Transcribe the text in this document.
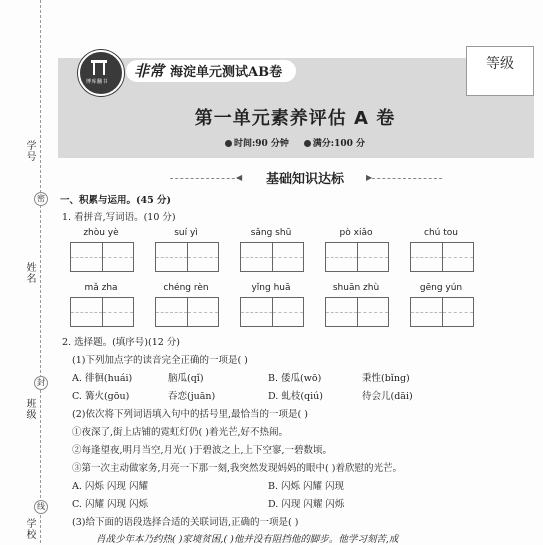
学号
姓名
班级
学校
密
封
线
博库翻书
非常 海淀单元测试AB卷
等级
第一单元素养评估 A 卷
时间:90 分钟	满分:100 分
◀	基础知识达标	▶
一、积累与运用。(45 分)
1. 看拼音,写词语。(10 分)
zhòu yè	suí yì	sǎng shū	pò xiǎo	chú tou
mǎ zha	chéng rèn	yǐng huā	shuān zhù	gēng yún
2. 选择题。(填序号)(12 分)
(1)下列加点字的读音完全正确的一项是( )
A. 徘徊(huái)	脑瓜(qǐ)	B. 倭瓜(wō)	秉性(bǐng)
C. 篝火(gōu)	吞恋(juān)	D. 虬枝(qiú)	待会儿(dāi)
(2)依次将下列词语填入句中的括号里,最恰当的一项是( )
①夜深了,街上店铺的霓虹灯仍( )着光芒,好不热闹。
②每逢望夜,明月当空,月光( )于碧波之上,上下空寥,一碧数顷。
③第一次主动做家务,月亮一下那一刻,我突然发现妈妈的眼中( )着欣慰的光芒。
A. 闪烁 闪现 闪耀	B. 闪烁 闪耀 闪现
C. 闪耀 闪现 闪烁	D. 闪现 闪耀 闪烁
(3)给下面的语段选择合适的关联词语,正确的一项是( )
肖战少年本乃约热( )家境贫困,( )他并没有阻挡他的脚步。他学习刻苦,成
